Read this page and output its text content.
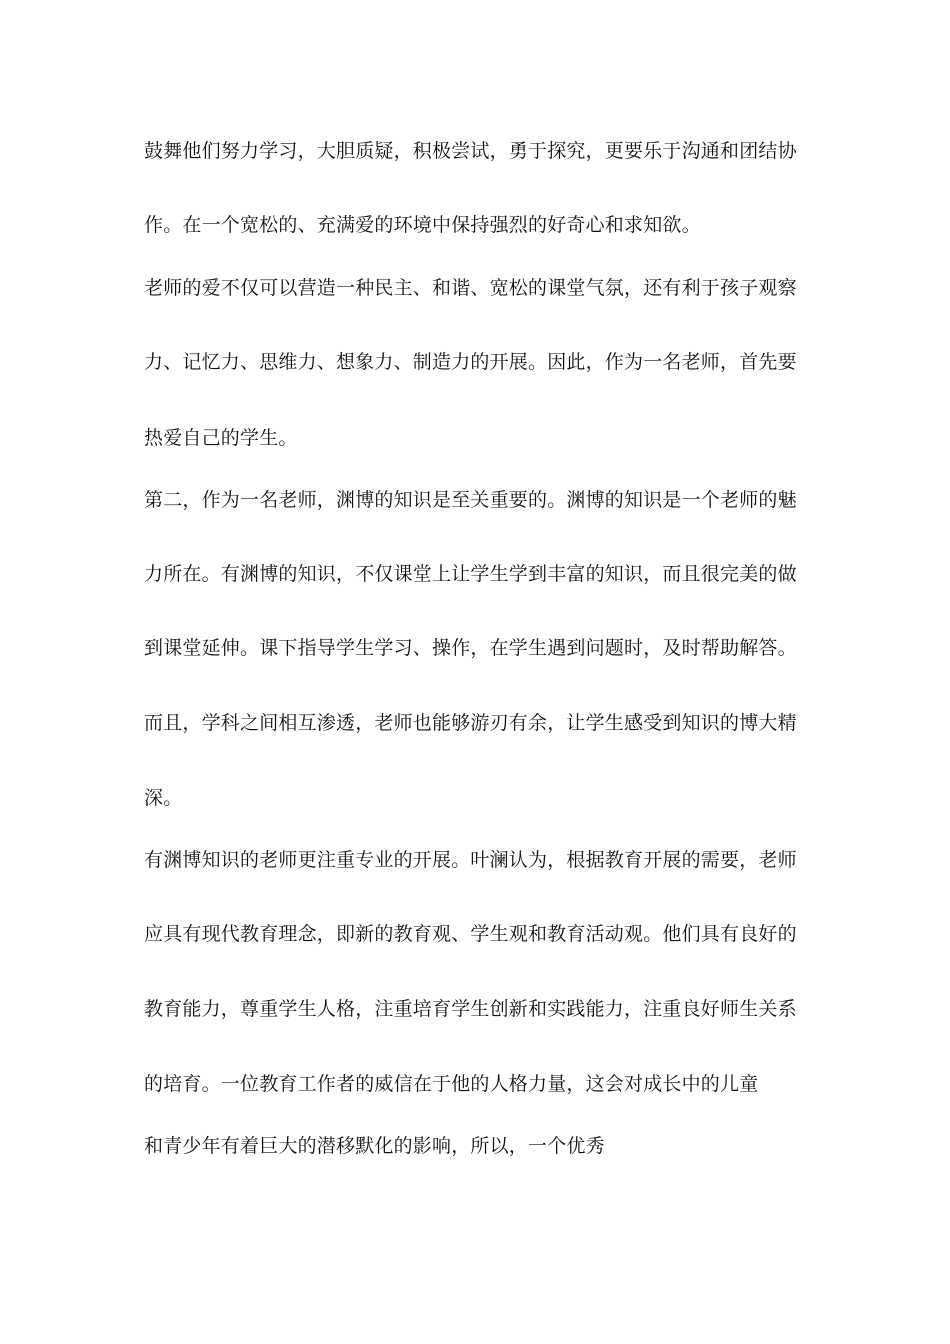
鼓舞他们努力学习，大胆质疑，积极尝试，勇于探究，更要乐于沟通和团结协
作。在一个宽松的、充满爱的环境中保持强烈的好奇心和求知欲。
老师的爱不仅可以营造一种民主、和谐、宽松的课堂气氛，还有利于孩子观察
力、记忆力、思维力、想象力、制造力的开展。因此，作为一名老师，首先要
热爱自己的学生。
第二，作为一名老师，渊博的知识是至关重要的。渊博的知识是一个老师的魅
力所在。有渊博的知识，不仅课堂上让学生学到丰富的知识，而且很完美的做
到课堂延伸。课下指导学生学习、操作，在学生遇到问题时，及时帮助解答。
而且，学科之间相互渗透，老师也能够游刃有余，让学生感受到知识的博大精
深。
有渊博知识的老师更注重专业的开展。叶澜认为，根据教育开展的需要，老师
应具有现代教育理念，即新的教育观、学生观和教育活动观。他们具有良好的
教育能力，尊重学生人格，注重培育学生创新和实践能力，注重良好师生关系
的培育。一位教育工作者的威信在于他的人格力量，这会对成长中的儿童
和青少年有着巨大的潜移默化的影响，所以，一个优秀
